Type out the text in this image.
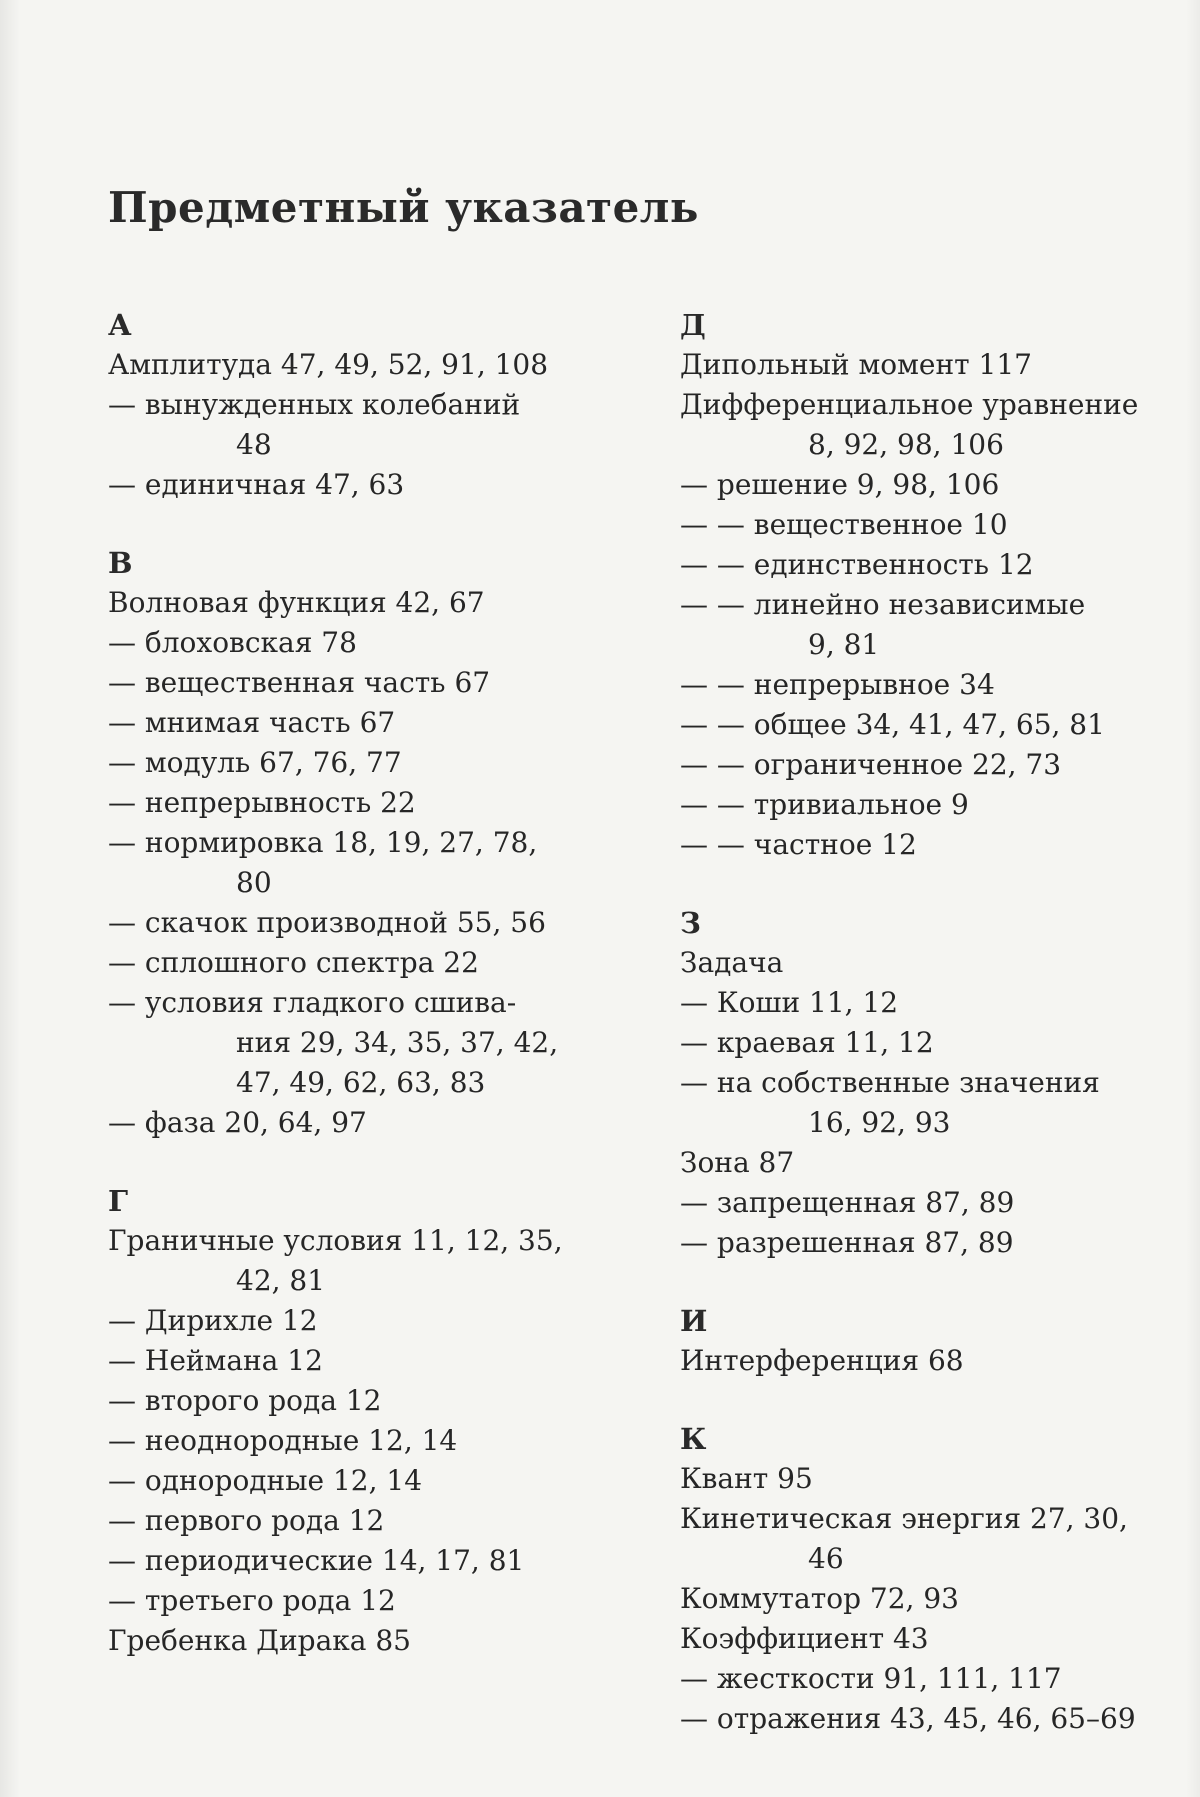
Предметный указатель
А
Амплитуда 47, 49, 52, 91, 108
— вынужденных колебаний
48
— единичная 47, 63
В
Волновая функция 42, 67
— блоховская 78
— вещественная часть 67
— мнимая часть 67
— модуль 67, 76, 77
— непрерывность 22
— нормировка 18, 19, 27, 78,
80
— скачок производной 55, 56
— сплошного спектра 22
— условия гладкого сшива-
ния 29, 34, 35, 37, 42,
47, 49, 62, 63, 83
— фаза 20, 64, 97
Г
Граничные условия 11, 12, 35,
42, 81
— Дирихле 12
— Неймана 12
— второго рода 12
— неоднородные 12, 14
— однородные 12, 14
— первого рода 12
— периодические 14, 17, 81
— третьего рода 12
Гребенка Дирака 85
Д
Дипольный момент 117
Дифференциальное уравнение
8, 92, 98, 106
— решение 9, 98, 106
— — вещественное 10
— — единственность 12
— — линейно независимые
9, 81
— — непрерывное 34
— — общее 34, 41, 47, 65, 81
— — ограниченное 22, 73
— — тривиальное 9
— — частное 12
З
Задача
— Коши 11, 12
— краевая 11, 12
— на собственные значения
16, 92, 93
Зона 87
— запрещенная 87, 89
— разрешенная 87, 89
И
Интерференция 68
К
Квант 95
Кинетическая энергия 27, 30,
46
Коммутатор 72, 93
Коэффициент 43
— жесткости 91, 111, 117
— отражения 43, 45, 46, 65–69
